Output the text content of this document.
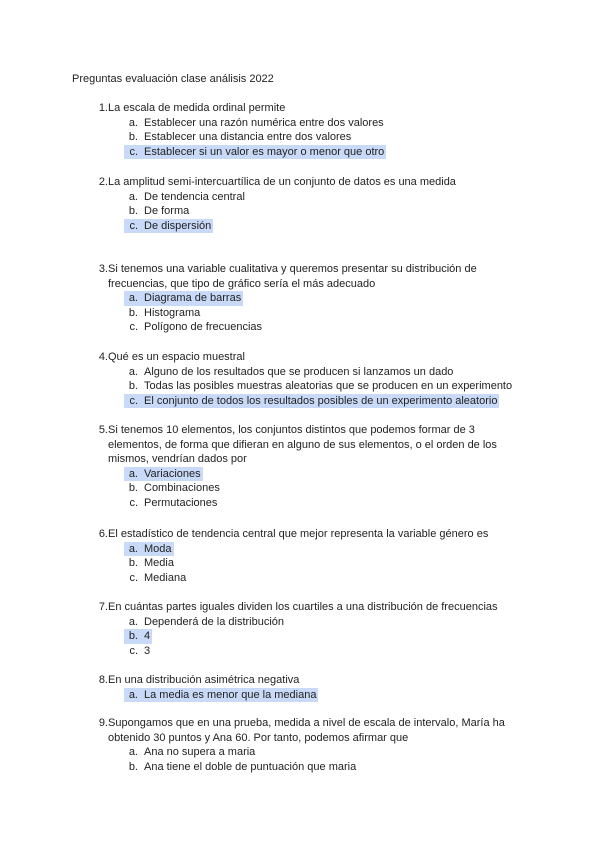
Preguntas evaluación clase análisis 2022
1. La escala de medida ordinal permite
a. Establecer una razón numérica entre dos valores
b. Establecer una distancia entre dos valores
c. Establecer si un valor es mayor o menor que otro
2. La amplitud semi-intercuartílica de un conjunto de datos es una medida
a. De tendencia central
b. De forma
c. De dispersión
3. Si tenemos una variable cualitativa y queremos presentar su distribución de frecuencias, que tipo de gráfico sería el más adecuado
a. Diagrama de barras
b. Histograma
c. Polígono de frecuencias
4. Qué es un espacio muestral
a. Alguno de los resultados que se producen si lanzamos un dado
b. Todas las posibles muestras aleatorias que se producen en un experimento
c. El conjunto de todos los resultados posibles de un experimento aleatorio
5. Si tenemos 10 elementos, los conjuntos distintos que podemos formar de 3 elementos, de forma que difieran en alguno de sus elementos, o el orden de los mismos, vendrían dados por
a. Variaciones
b. Combinaciones
c. Permutaciones
6. El estadístico de tendencia central que mejor representa la variable género es
a. Moda
b. Media
c. Mediana
7. En cuántas partes iguales dividen los cuartiles a una distribución de frecuencias
a. Dependerá de la distribución
b. 4
c. 3
8. En una distribución asimétrica negativa
a. La media es menor que la mediana
9. Supongamos que en una prueba, medida a nivel de escala de intervalo, María ha obtenido 30 puntos y Ana 60. Por tanto, podemos afirmar que
a. Ana no supera a maria
b. Ana tiene el doble de puntuación que maria
